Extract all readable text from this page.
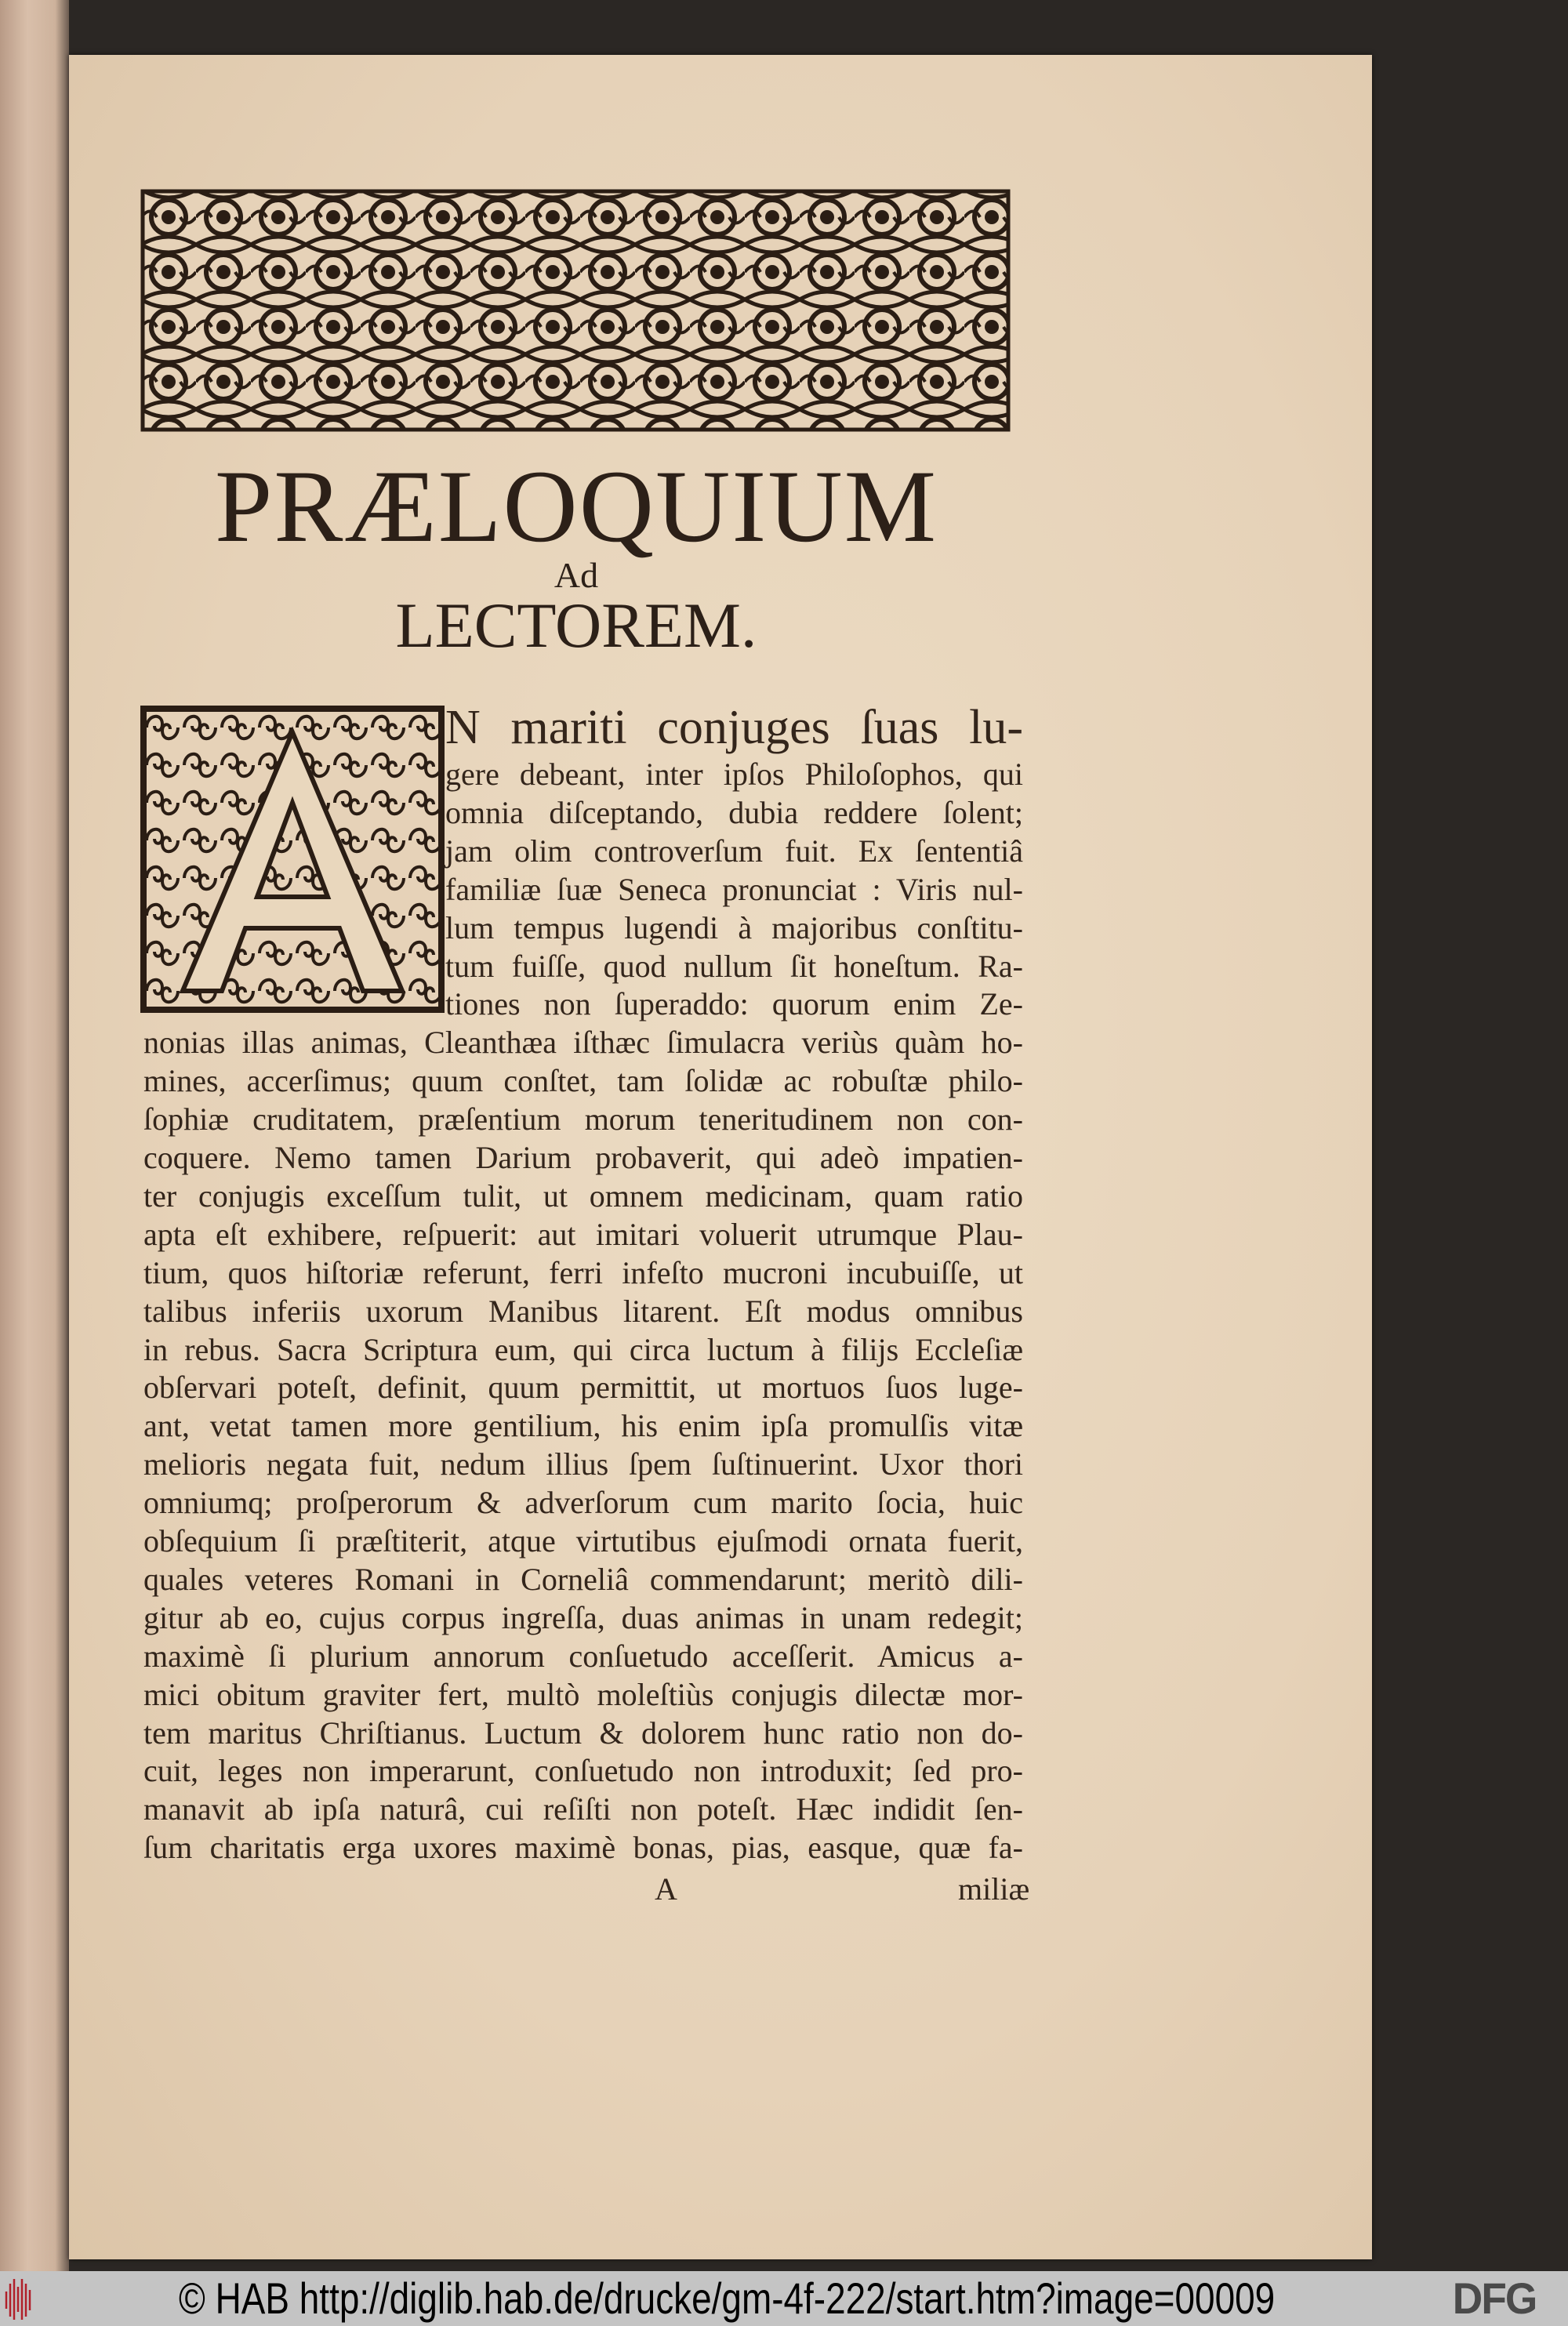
PRÆLOQUIUM
Ad
LECTOREM.
N mariti conjuges ſuas lu-
gere debeant, inter ipſos Philoſophos, qui
omnia diſceptando, dubia reddere ſolent;
jam olim controverſum fuit. Ex ſententiâ
familiæ ſuæ Seneca pronunciat : Viris nul-
lum tempus lugendi à majoribus conſtitu-
tum fuiſſe, quod nullum ſit honeſtum. Ra-
tiones non ſuperaddo: quorum enim Ze-
nonias illas animas, Cleanthæa iſthæc ſimulacra veriùs quàm ho-
mines, accerſimus; quum conſtet, tam ſolidæ ac robuſtæ philo-
ſophiæ cruditatem, præſentium morum teneritudinem non con-
coquere. Nemo tamen Darium probaverit, qui adeò impatien-
ter conjugis exceſſum tulit, ut omnem medicinam, quam ratio
apta eſt exhibere, reſpuerit: aut imitari voluerit utrumque Plau-
tium, quos hiſtoriæ referunt, ferri infeſto mucroni incubuiſſe, ut
talibus inferiis uxorum Manibus litarent. Eſt modus omnibus
in rebus. Sacra Scriptura eum, qui circa luctum à filijs Eccleſiæ
obſervari poteſt, definit, quum permittit, ut mortuos ſuos luge-
ant, vetat tamen more gentilium, his enim ipſa promulſis vitæ
melioris negata fuit, nedum illius ſpem ſuſtinuerint. Uxor thori
omniumq; proſperorum & adverſorum cum marito ſocia, huic
obſequium ſi præſtiterit, atque virtutibus ejuſmodi ornata fuerit,
quales veteres Romani in Corneliâ commendarunt; meritò dili-
gitur ab eo, cujus corpus ingreſſa, duas animas in unam redegit;
maximè ſi plurium annorum conſuetudo acceſſerit. Amicus a-
mici obitum graviter fert, multò moleſtiùs conjugis dilectæ mor-
tem maritus Chriſtianus. Luctum & dolorem hunc ratio non do-
cuit, leges non imperarunt, conſuetudo non introduxit; ſed pro-
manavit ab ipſa naturâ, cui reſiſti non poteſt. Hæc indidit ſen-
ſum charitatis erga uxores maximè bonas, pias, easque, quæ fa-
A	miliæ
© HAB http://diglib.hab.de/drucke/gm-4f-222/start.htm?image=00009	DFG
